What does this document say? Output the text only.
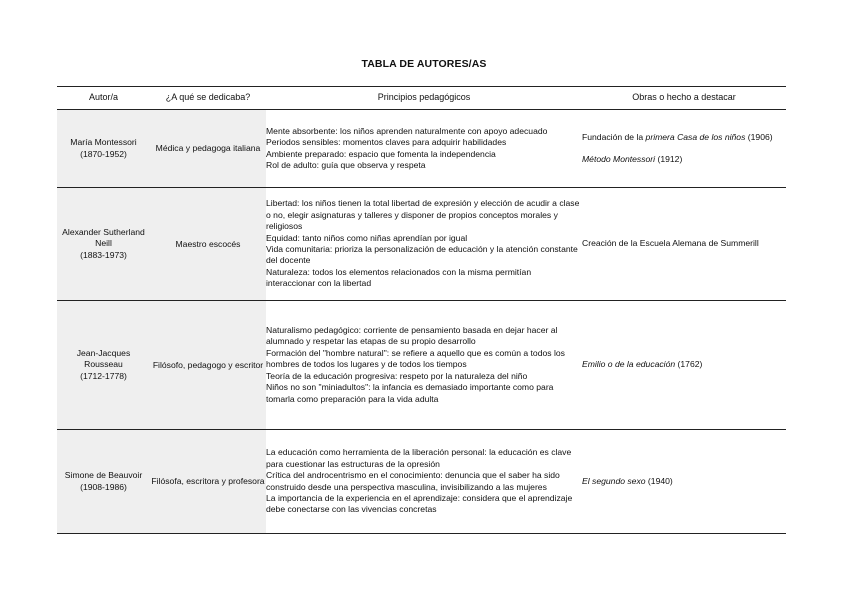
TABLA DE AUTORES/AS
Autor/a	¿A qué se dedicaba?	Principios pedagógicos	Obras o hecho a destacar

María Montessori
(1870-1952)	Médica y pedagoga italiana	Mente absorbente: los niños aprenden naturalmente con apoyo adecuado
Periodos sensibles: momentos claves para adquirir habilidades
Ambiente preparado: espacio que fomenta la independencia
Rol de adulto: guía que observa y respeta	Fundación de la primera Casa de los niños (1906)
Método Montessori (1912)

Alexander Sutherland Neill
(1883-1973)	Maestro escocés	Libertad: los niños tienen la total libertad de expresión y elección de acudir a clase o no, elegir asignaturas y talleres y disponer de propios conceptos morales y religiosos
Equidad: tanto niños como niñas aprendían por igual
Vida comunitaria: prioriza la personalización de educación y la atención constante del docente
Naturaleza: todos los elementos relacionados con la misma permitían interaccionar con la libertad	Creación de la Escuela Alemana de Summerill

Jean-Jacques Rousseau
(1712-1778)	Filósofo, pedagogo y escritor	Naturalismo pedagógico: corriente de pensamiento basada en dejar hacer al alumnado y respetar las etapas de su propio desarrollo
Formación del "hombre natural": se refiere a aquello que es común a todos los hombres de todos los lugares y de todos los tiempos
Teoría de la educación progresiva: respeto por la naturaleza del niño
Niños no son "miniadultos": la infancia es demasiado importante como para tomarla como preparación para la vida adulta	Emilio o de la educación (1762)

Simone de Beauvoir
(1908-1986)	Filósofa, escritora y profesora	La educación como herramienta de la liberación personal: la educación es clave para cuestionar las estructuras de la opresión
Crítica del androcentrismo en el conocimiento: denuncia que el saber ha sido construido desde una perspectiva masculina, invisibilizando a las mujeres
La importancia de la experiencia en el aprendizaje: considera que el aprendizaje debe conectarse con las vivencias concretas	El segundo sexo (1940)
